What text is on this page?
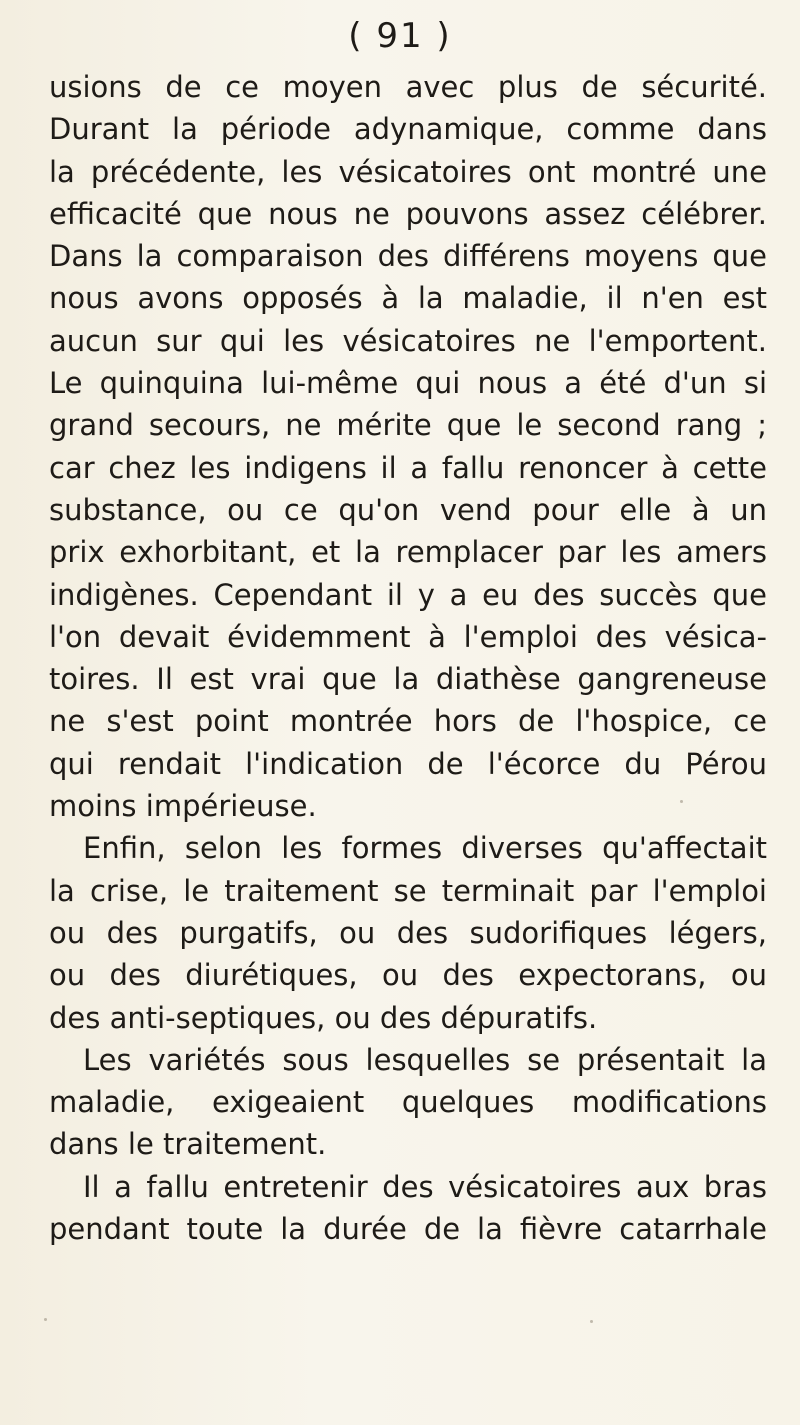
( 91 )
usions de ce moyen avec plus de sécurité.
Durant la période adynamique, comme dans
la précédente, les vésicatoires ont montré une
efficacité que nous ne pouvons assez célébrer.
Dans la comparaison des différens moyens que
nous avons opposés à la maladie, il n'en est
aucun sur qui les vésicatoires ne l'emportent.
Le quinquina lui-même qui nous a été d'un si
grand secours, ne mérite que le second rang ;
car chez les indigens il a fallu renoncer à cette
substance, ou ce qu'on vend pour elle à un
prix exhorbitant, et la remplacer par les amers
indigènes. Cependant il y a eu des succès que
l'on devait évidemment à l'emploi des vésica-
toires. Il est vrai que la diathèse gangreneuse
ne s'est point montrée hors de l'hospice, ce
qui rendait l'indication de l'écorce du Pérou
moins impérieuse.
Enfin, selon les formes diverses qu'affectait
la crise, le traitement se terminait par l'emploi
ou des purgatifs, ou des sudorifiques légers,
ou des diurétiques, ou des expectorans, ou
des anti-septiques, ou des dépuratifs.
Les variétés sous lesquelles se présentait la
maladie, exigeaient quelques modifications
dans le traitement.
Il a fallu entretenir des vésicatoires aux bras
pendant toute la durée de la fièvre catarrhale
